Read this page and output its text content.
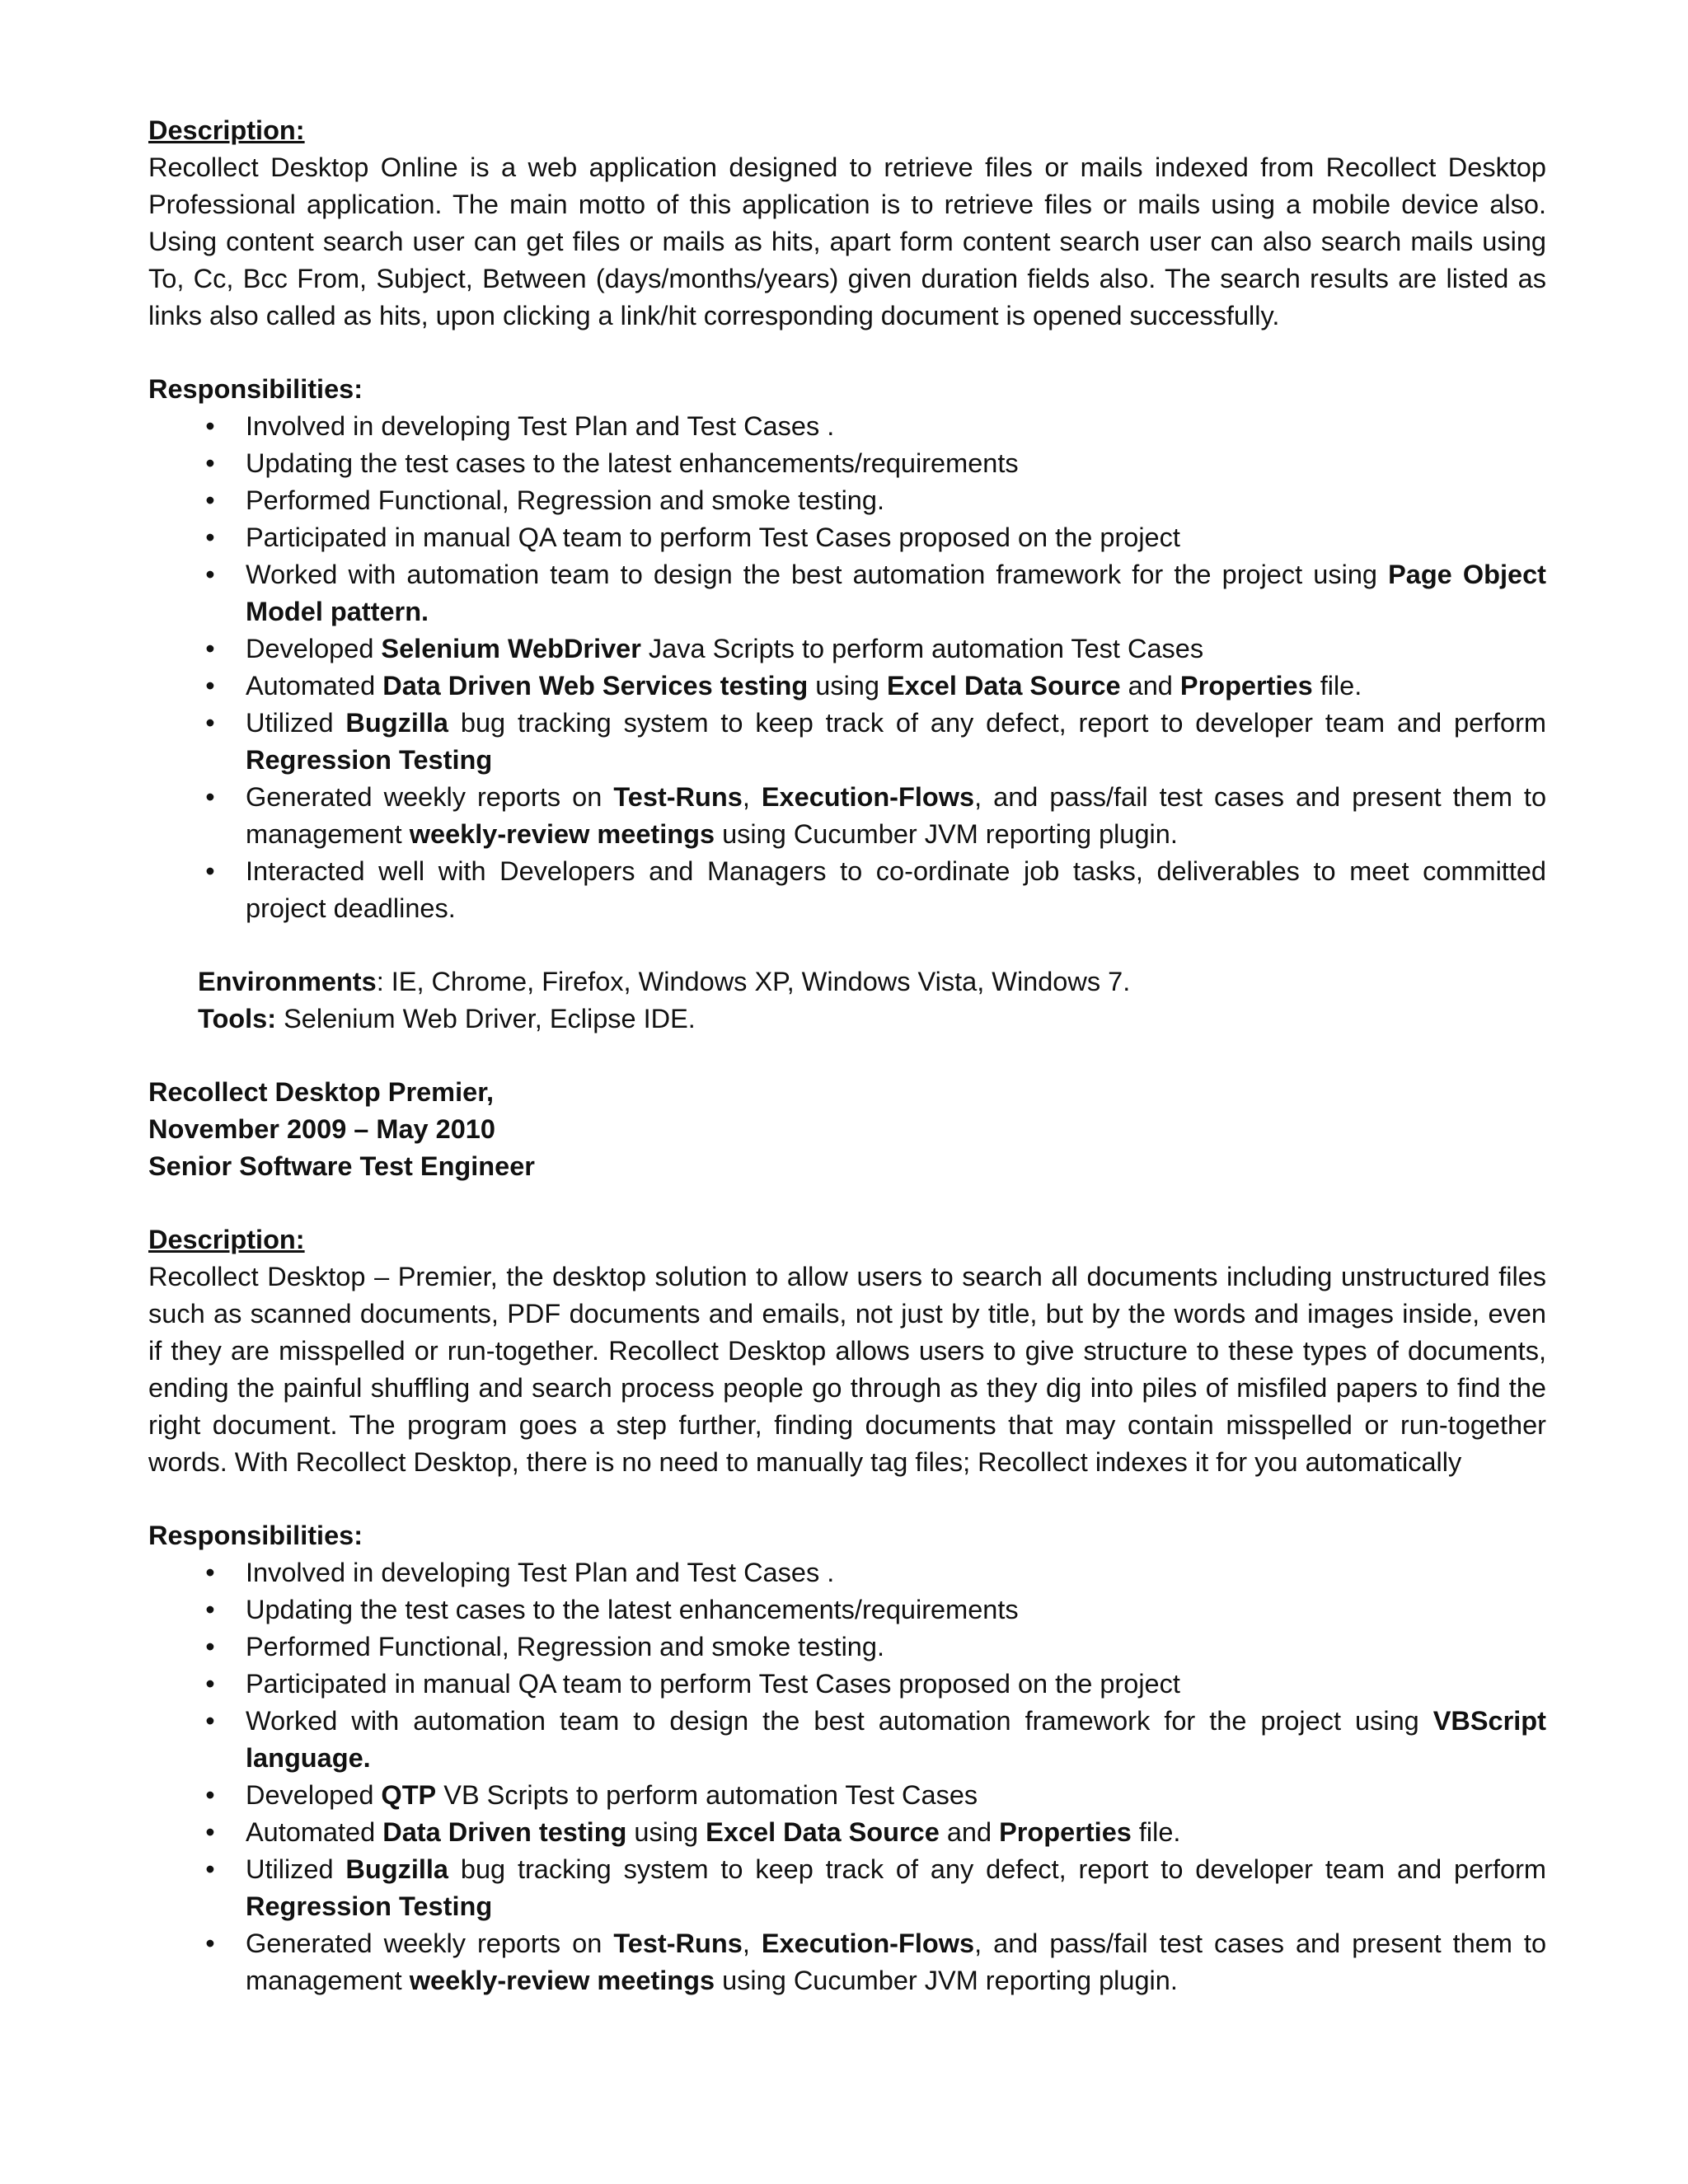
Description:

Recollect Desktop Online is a web application designed to retrieve files or mails indexed from Recollect Desktop Professional application. The main motto of this application is to retrieve files or mails using a mobile device also. Using content search user can get files or mails as hits, apart form content search user can also search mails using To, Cc, Bcc From, Subject, Between (days/months/years) given duration fields also. The search results are listed as links also called as hits, upon clicking a link/hit corresponding document is opened successfully.

Responsibilities:

• Involved in developing Test Plan and Test Cases .
• Updating the test cases to the latest enhancements/requirements
• Performed Functional, Regression and smoke testing.
• Participated in manual QA team to perform Test Cases proposed on the project
• Worked with automation team to design the best automation framework for the project using Page Object Model pattern.
• Developed Selenium WebDriver Java Scripts to perform automation Test Cases
• Automated Data Driven Web Services testing using Excel Data Source and Properties file.
• Utilized Bugzilla bug tracking system to keep track of any defect, report to developer team and perform Regression Testing
• Generated weekly reports on Test-Runs, Execution-Flows, and pass/fail test cases and present them to management weekly-review meetings using Cucumber JVM reporting plugin.
• Interacted well with Developers and Managers to co-ordinate job tasks, deliverables to meet committed project deadlines.

Environments: IE, Chrome, Firefox, Windows XP, Windows Vista, Windows 7.

Tools: Selenium Web Driver, Eclipse IDE.

Recollect Desktop Premier,

November 2009 – May 2010

Senior Software Test Engineer

Description:

Recollect Desktop – Premier, the desktop solution to allow users to search all documents including unstructured files such as scanned documents, PDF documents and emails, not just by title, but by the words and images inside, even if they are misspelled or run-together. Recollect Desktop allows users to give structure to these types of documents, ending the painful shuffling and search process people go through as they dig into piles of misfiled papers to find the right document. The program goes a step further, finding documents that may contain misspelled or run-together words. With Recollect Desktop, there is no need to manually tag files; Recollect indexes it for you automatically

Responsibilities:

• Involved in developing Test Plan and Test Cases .
• Updating the test cases to the latest enhancements/requirements
• Performed Functional, Regression and smoke testing.
• Participated in manual QA team to perform Test Cases proposed on the project
• Worked with automation team to design the best automation framework for the project using VBScript language.
• Developed QTP VB Scripts to perform automation Test Cases
• Automated Data Driven testing using Excel Data Source and Properties file.
• Utilized Bugzilla bug tracking system to keep track of any defect, report to developer team and perform Regression Testing
• Generated weekly reports on Test-Runs, Execution-Flows, and pass/fail test cases and present them to management weekly-review meetings using Cucumber JVM reporting plugin.
